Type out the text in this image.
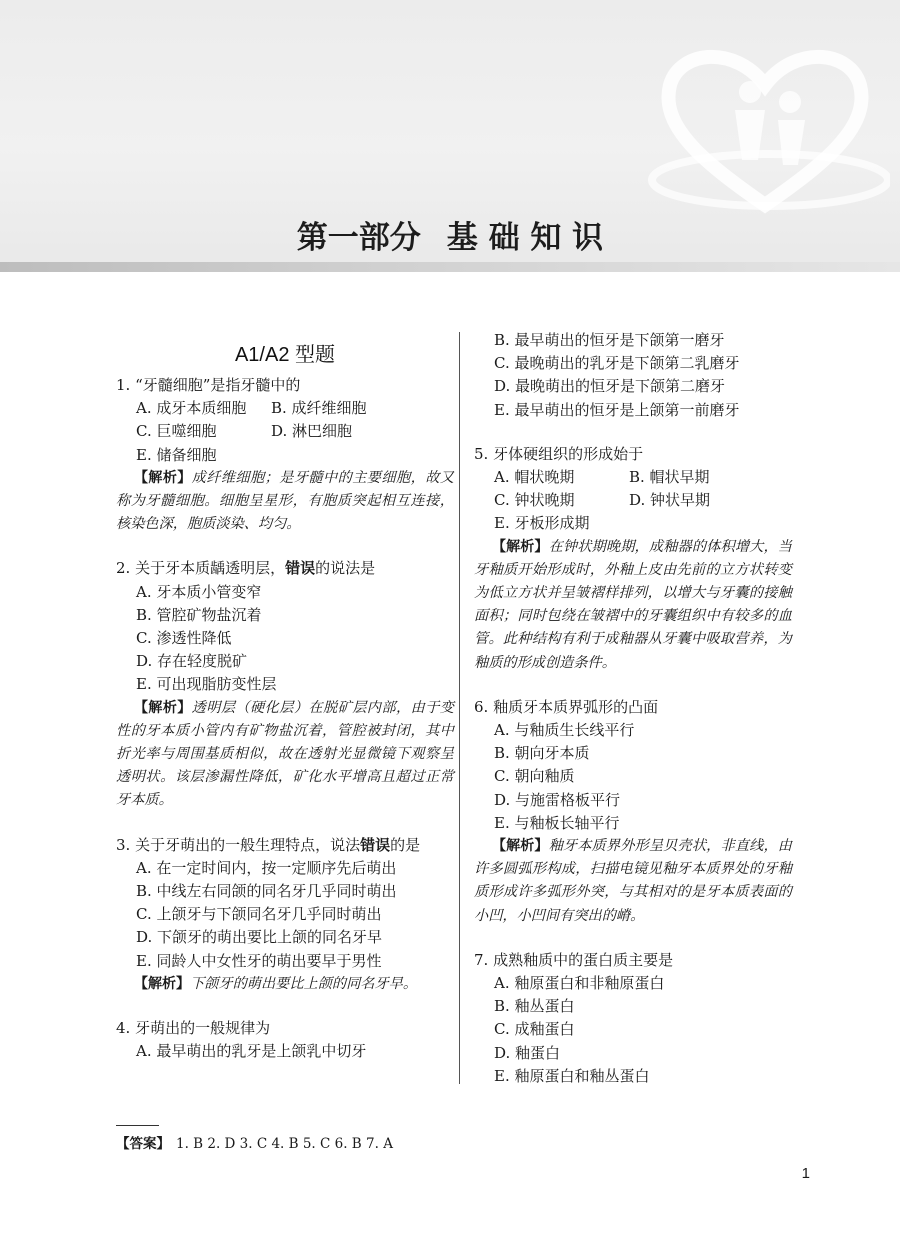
第一部分 基 础 知 识
A1/A2 型题
1. “牙髓细胞”是指牙髓中的
A. 成牙本质细胞	B. 成纤维细胞
C. 巨噬细胞	D. 淋巴细胞
E. 储备细胞
【解析】成纤维细胞；是牙髓中的主要细胞，故又称为牙髓细胞。细胞呈星形，有胞质突起相互连接，核染色深，胞质淡染、均匀。
2. 关于牙本质龋透明层，错误的说法是
A. 牙本质小管变窄
B. 管腔矿物盐沉着
C. 渗透性降低
D. 存在轻度脱矿
E. 可出现脂肪变性层
【解析】透明层（硬化层）在脱矿层内部，由于变性的牙本质小管内有矿物盐沉着，管腔被封闭，其中折光率与周围基质相似，故在透射光显微镜下观察呈透明状。该层渗漏性降低，矿化水平增高且超过正常牙本质。
3. 关于牙萌出的一般生理特点，说法错误的是
A. 在一定时间内，按一定顺序先后萌出
B. 中线左右同颌的同名牙几乎同时萌出
C. 上颌牙与下颌同名牙几乎同时萌出
D. 下颌牙的萌出要比上颌的同名牙早
E. 同龄人中女性牙的萌出要早于男性
【解析】下颌牙的萌出要比上颌的同名牙早。
4. 牙萌出的一般规律为
A. 最早萌出的乳牙是上颌乳中切牙
B. 最早萌出的恒牙是下颌第一磨牙
C. 最晚萌出的乳牙是下颌第二乳磨牙
D. 最晚萌出的恒牙是下颌第二磨牙
E. 最早萌出的恒牙是上颌第一前磨牙
5. 牙体硬组织的形成始于
A. 帽状晚期	B. 帽状早期
C. 钟状晚期	D. 钟状早期
E. 牙板形成期
【解析】在钟状期晚期，成釉器的体积增大，当牙釉质开始形成时，外釉上皮由先前的立方状转变为低立方状并呈皱褶样排列，以增大与牙囊的接触面积；同时包绕在皱褶中的牙囊组织中有较多的血管。此种结构有利于成釉器从牙囊中吸取营养，为釉质的形成创造条件。
6. 釉质牙本质界弧形的凸面
A. 与釉质生长线平行
B. 朝向牙本质
C. 朝向釉质
D. 与施雷格板平行
E. 与釉板长轴平行
【解析】釉牙本质界外形呈贝壳状，非直线，由许多圆弧形构成，扫描电镜见釉牙本质界处的牙釉质形成许多弧形外突，与其相对的是牙本质表面的小凹，小凹间有突出的嵴。
7. 成熟釉质中的蛋白质主要是
A. 釉原蛋白和非釉原蛋白
B. 釉丛蛋白
C. 成釉蛋白
D. 釉蛋白
E. 釉原蛋白和釉丛蛋白
【答案】 1. B 2. D 3. C 4. B 5. C 6. B 7. A
1
